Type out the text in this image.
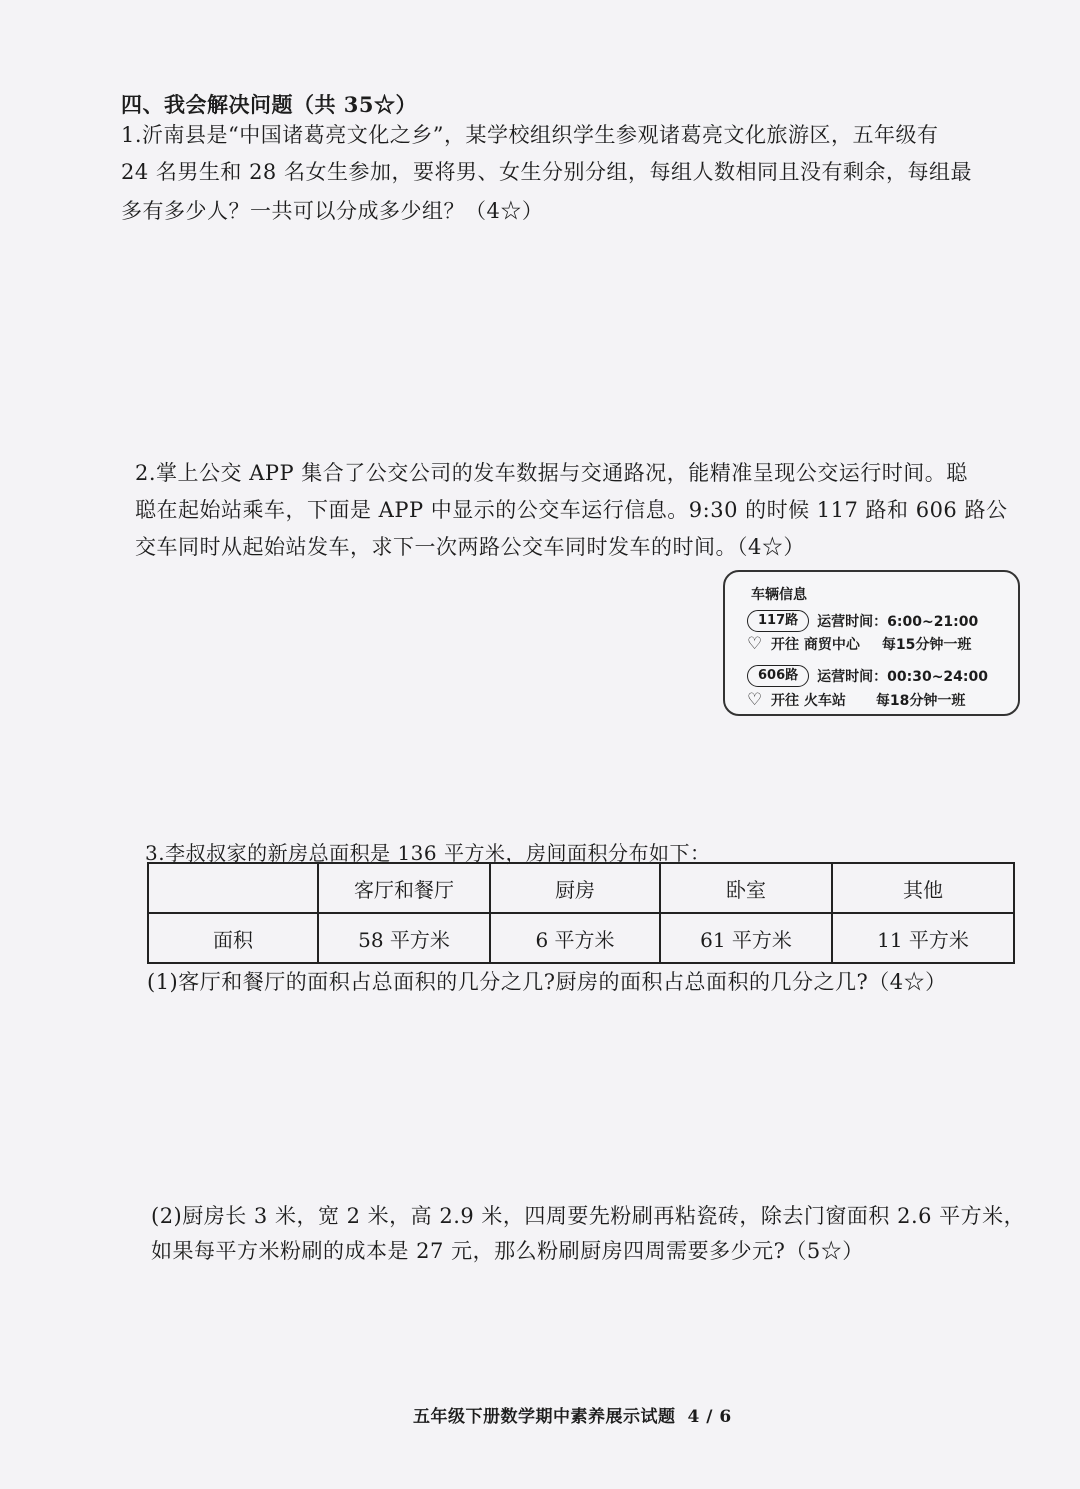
四、我会解决问题（共 35☆）
1.沂南县是“中国诸葛亮文化之乡”，某学校组织学生参观诸葛亮文化旅游区，五年级有
24 名男生和 28 名女生参加，要将男、女生分别分组，每组人数相同且没有剩余，每组最
多有多少人？一共可以分成多少组？（4☆）
2.掌上公交 APP 集合了公交公司的发车数据与交通路况，能精准呈现公交运行时间。聪
聪在起始站乘车，下面是 APP 中显示的公交车运行信息。9:30 的时候 117 路和 606 路公
交车同时从起始站发车，求下一次两路公交车同时发车的时间。（4☆）
车辆信息
117路	运营时间：6:00~21:00
♡ 开往 商贸中心 每15分钟一班
606路	运营时间：00:30~24:00
♡ 开往 火车站 每18分钟一班
3.李叔叔家的新房总面积是 136 平方米，房间面积分布如下：
	客厅和餐厅	厨房	卧室	其他
面积	58 平方米	6 平方米	61 平方米	11 平方米
(1)客厅和餐厅的面积占总面积的几分之几?厨房的面积占总面积的几分之几?（4☆）
(2)厨房长 3 米，宽 2 米，高 2.9 米，四周要先粉刷再粘瓷砖，除去门窗面积 2.6 平方米，
如果每平方米粉刷的成本是 27 元，那么粉刷厨房四周需要多少元?（5☆）
五年级下册数学期中素养展示试题 4 / 6
